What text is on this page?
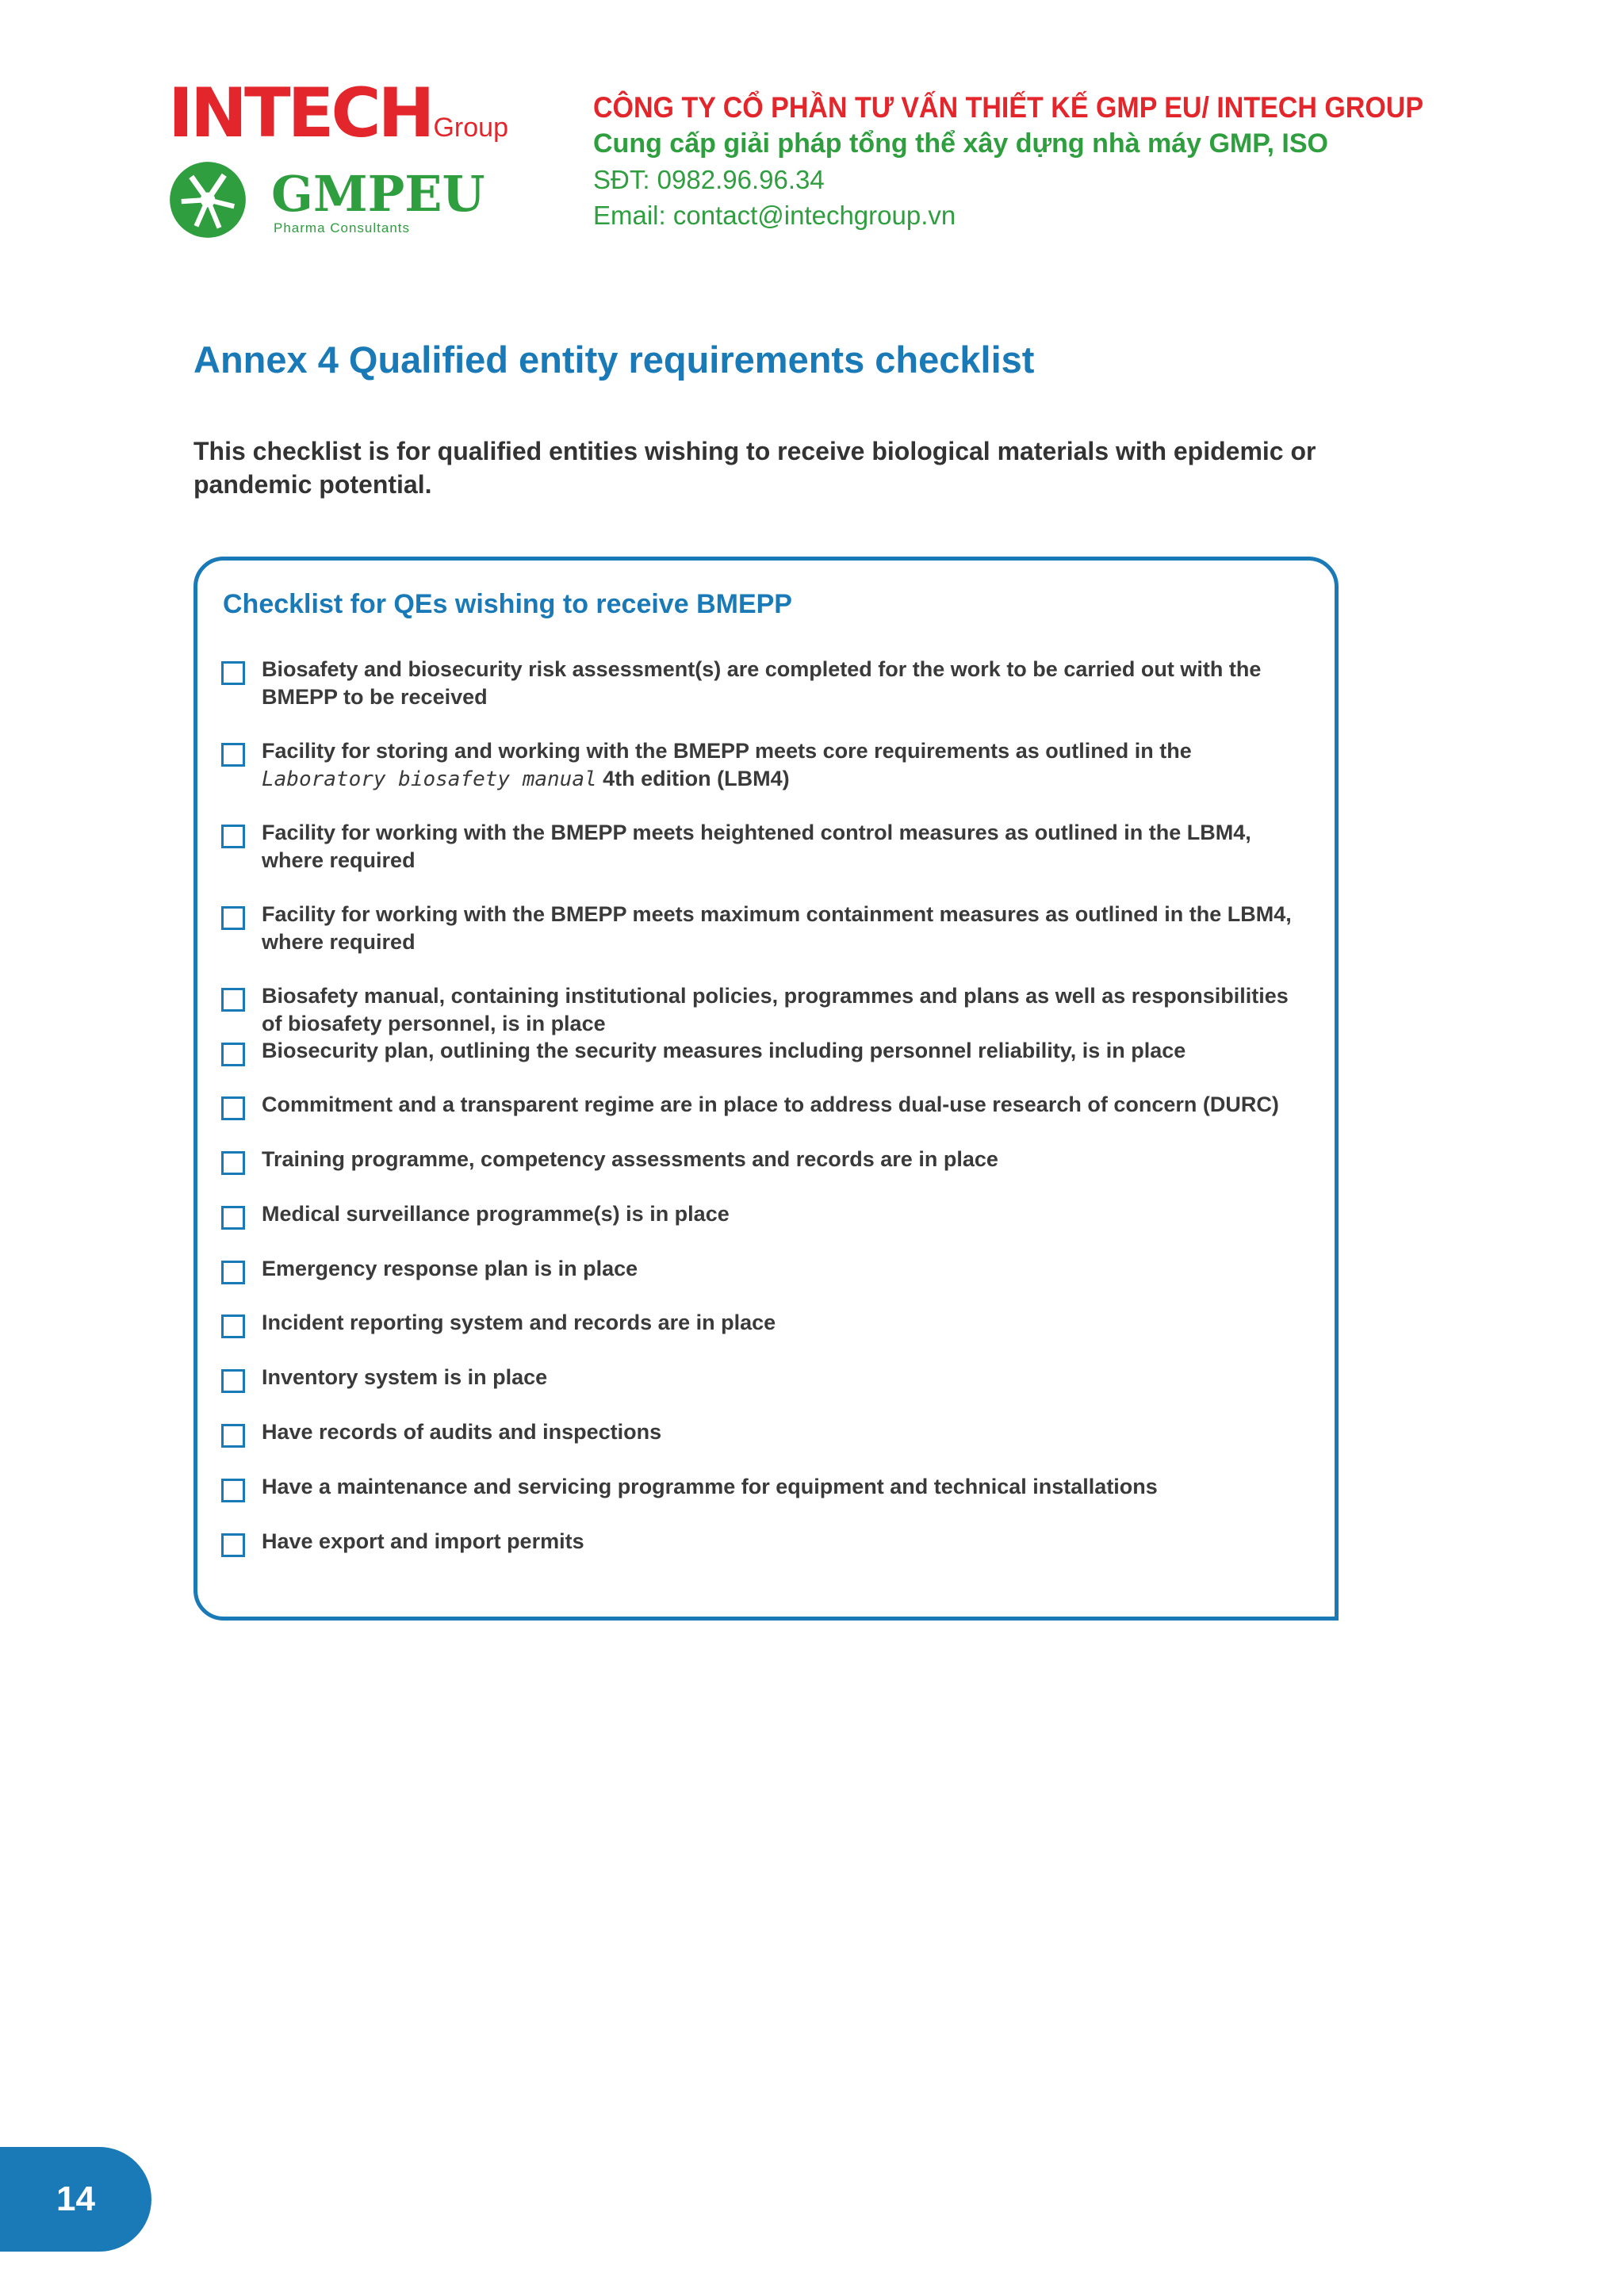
INTECHGroup
GMPEU
Pharma Consultants
CÔNG TY CỔ PHẦN TƯ VẤN THIẾT KẾ GMP EU/ INTECH GROUP
Cung cấp giải pháp tổng thể xây dựng nhà máy GMP, ISO
SĐT: 0982.96.96.34
Email: contact@intechgroup.vn
Annex 4 Qualified entity requirements checklist
This checklist is for qualified entities wishing to receive biological materials with epidemic or pandemic potential.
Checklist for QEs wishing to receive BMEPP
Biosafety and biosecurity risk assessment(s) are completed for the work to be carried out with the BMEPP to be received
Facility for storing and working with the BMEPP meets core requirements as outlined in the
Laboratory biosafety manual 4th edition (LBM4)
Facility for working with the BMEPP meets heightened control measures as outlined in the LBM4, where required
Facility for working with the BMEPP meets maximum containment measures as outlined in the LBM4, where required
Biosafety manual, containing institutional policies, programmes and plans as well as responsibilities of biosafety personnel, is in place
Biosecurity plan, outlining the security measures including personnel reliability, is in place
Commitment and a transparent regime are in place to address dual-use research of concern (DURC)
Training programme, competency assessments and records are in place
Medical surveillance programme(s) is in place
Emergency response plan is in place
Incident reporting system and records are in place
Inventory system is in place
Have records of audits and inspections
Have a maintenance and servicing programme for equipment and technical installations
Have export and import permits
14
